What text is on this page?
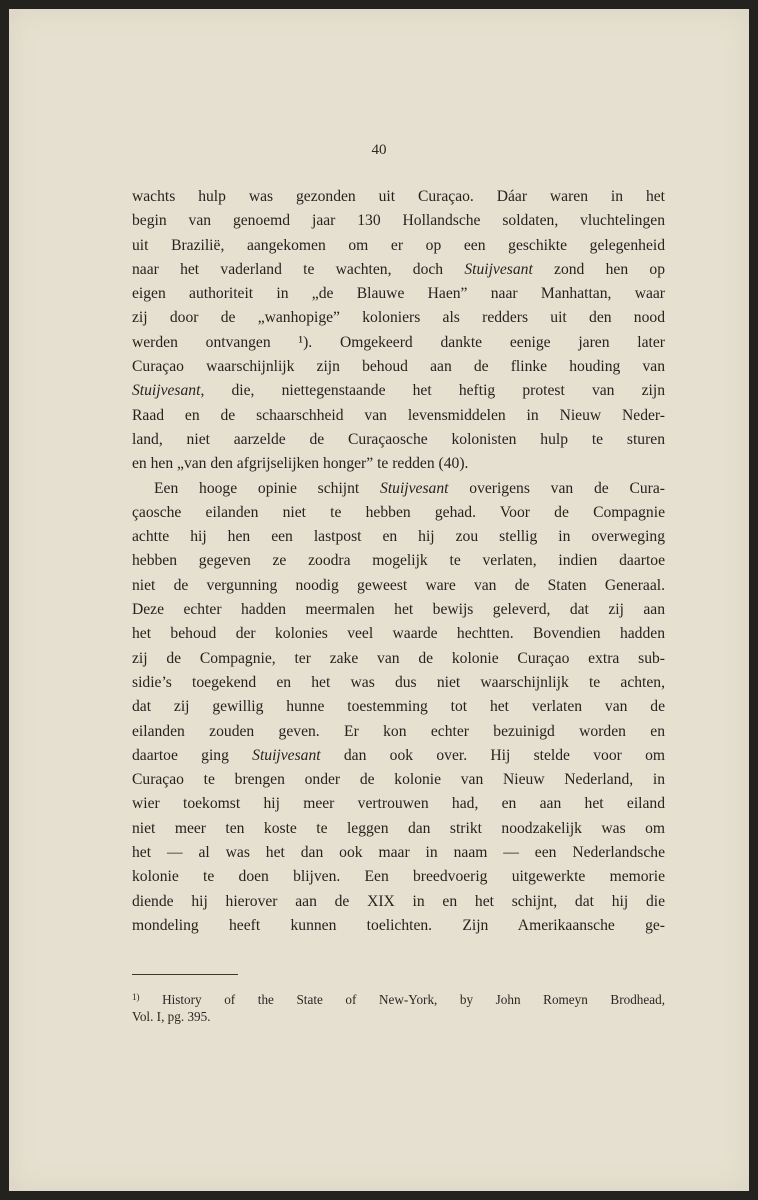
40
wachts hulp was gezonden uit Curaçao. Dáar waren in het
begin van genoemd jaar 130 Hollandsche soldaten, vluchtelingen
uit Brazilië, aangekomen om er op een geschikte gelegenheid
naar het vaderland te wachten, doch Stuijvesant zond hen op
eigen authoriteit in „de Blauwe Haen” naar Manhattan, waar
zij door de „wanhopige” koloniers als redders uit den nood
werden ontvangen ¹). Omgekeerd dankte eenige jaren later
Curaçao waarschijnlijk zijn behoud aan de flinke houding van
Stuijvesant, die, niettegenstaande het heftig protest van zijn
Raad en de schaarschheid van levensmiddelen in Nieuw Neder-
land, niet aarzelde de Curaçaosche kolonisten hulp te sturen
en hen „van den afgrijselijken honger” te redden (40).
Een hooge opinie schijnt Stuijvesant overigens van de Cura-
çaosche eilanden niet te hebben gehad. Voor de Compagnie
achtte hij hen een lastpost en hij zou stellig in overweging
hebben gegeven ze zoodra mogelijk te verlaten, indien daartoe
niet de vergunning noodig geweest ware van de Staten Generaal.
Deze echter hadden meermalen het bewijs geleverd, dat zij aan
het behoud der kolonies veel waarde hechtten. Bovendien hadden
zij de Compagnie, ter zake van de kolonie Curaçao extra sub-
sidie’s toegekend en het was dus niet waarschijnlijk te achten,
dat zij gewillig hunne toestemming tot het verlaten van de
eilanden zouden geven. Er kon echter bezuinigd worden en
daartoe ging Stuijvesant dan ook over. Hij stelde voor om
Curaçao te brengen onder de kolonie van Nieuw Nederland, in
wier toekomst hij meer vertrouwen had, en aan het eiland
niet meer ten koste te leggen dan strikt noodzakelijk was om
het — al was het dan ook maar in naam — een Nederlandsche
kolonie te doen blijven. Een breedvoerig uitgewerkte memorie
diende hij hierover aan de XIX in en het schijnt, dat hij die
mondeling heeft kunnen toelichten. Zijn Amerikaansche ge-
$^{1)}$ History of the State of New-York, by John Romeyn Brodhead,
Vol. I, pg. 395.
